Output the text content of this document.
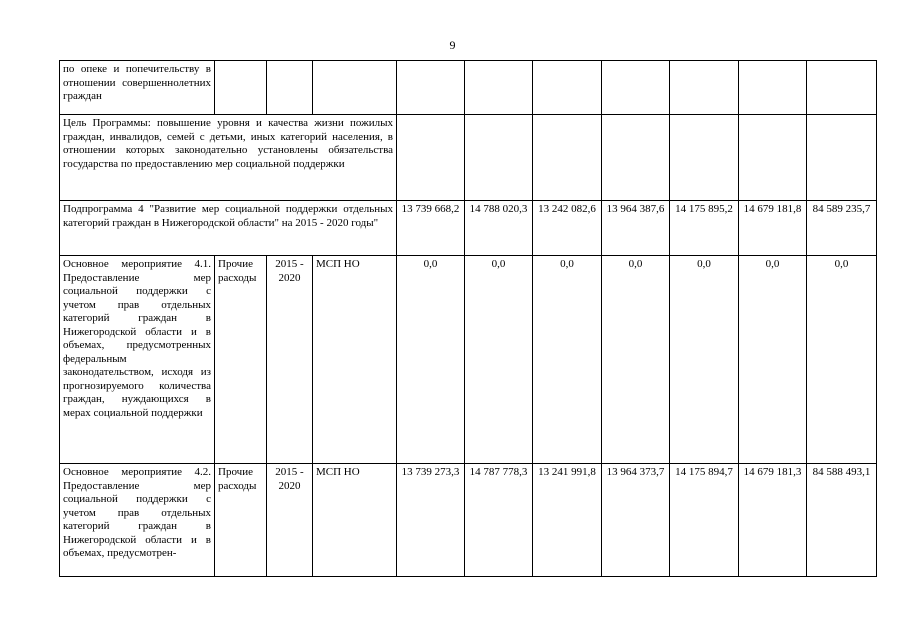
9
по опеке и попечительству в отношении совершеннолетних граждан										
Цель Программы: повышение уровня и качества жизни пожилых граждан, инвалидов, семей с детьми, иных категорий населения, в отношении которых законодательно установлены обязательства государства по предоставлению мер социальной поддержки										
Подпрограмма 4 "Развитие мер социальной поддержки отдельных категорий граждан в Нижегородской области" на 2015 - 2020 годы"				13 739 668,2	14 788 020,3	13 242 082,6	13 964 387,6	14 175 895,2	14 679 181,8	84 589 235,7
Основное мероприятие 4.1. Предоставление мер социальной поддержки с учетом прав отдельных категорий граждан в Нижегородской области и в объемах, предусмотренных федеральным законодательством, исходя из прогнозируемого количества граждан, нуждающихся в мерах социальной поддержки	Прочие расходы	2015 - 2020	МСП НО	0,0	0,0	0,0	0,0	0,0	0,0	0,0
Основное мероприятие 4.2. Предоставление мер социальной поддержки с учетом прав отдельных категорий граждан в Нижегородской области и в объемах, предусмотрен-	Прочие расходы	2015 - 2020	МСП НО	13 739 273,3	14 787 778,3	13 241 991,8	13 964 373,7	14 175 894,7	14 679 181,3	84 588 493,1
